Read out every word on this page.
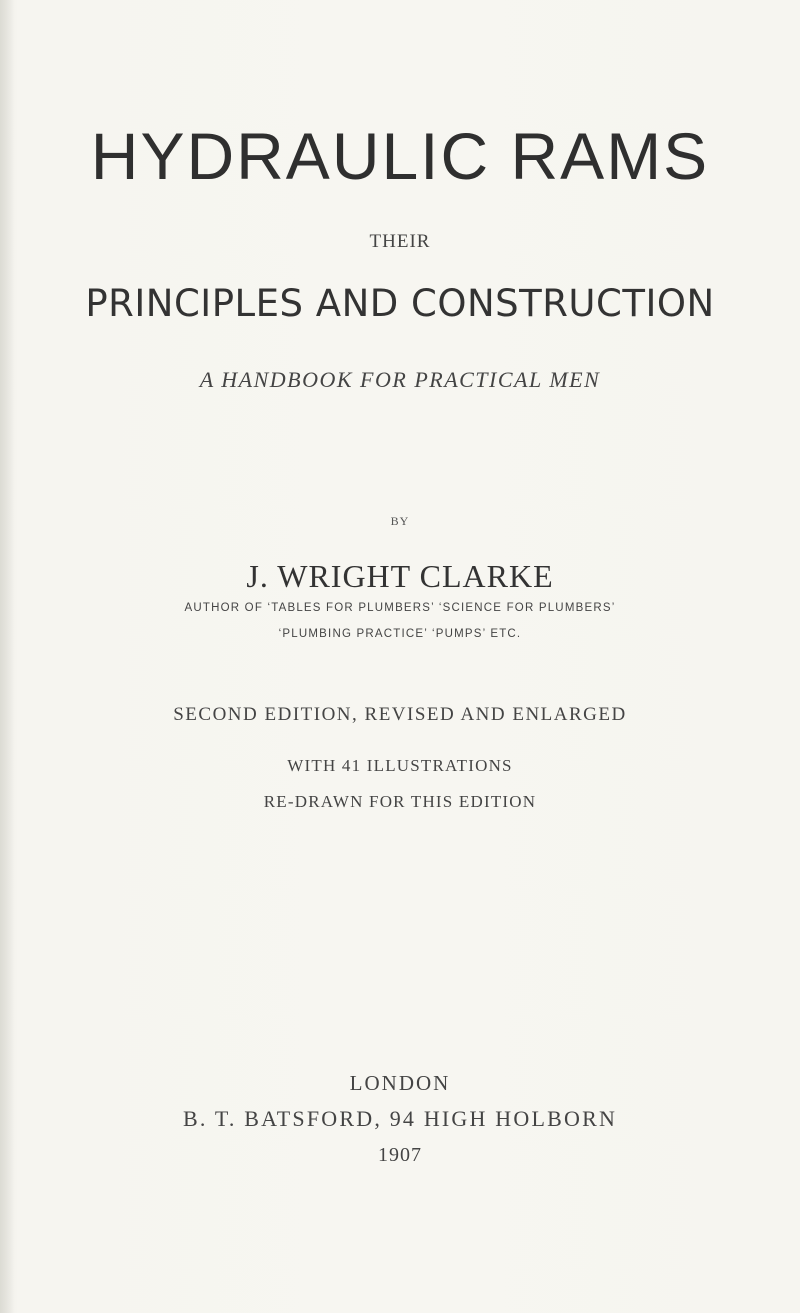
HYDRAULIC RAMS
THEIR
PRINCIPLES AND CONSTRUCTION
A HANDBOOK FOR PRACTICAL MEN
BY
J. WRIGHT CLARKE
AUTHOR OF ‘TABLES FOR PLUMBERS’ ‘SCIENCE FOR PLUMBERS’
‘PLUMBING PRACTICE’ ‘PUMPS’ ETC.
SECOND EDITION, REVISED AND ENLARGED
WITH 41 ILLUSTRATIONS
RE-DRAWN FOR THIS EDITION
LONDON
B. T. BATSFORD, 94 HIGH HOLBORN
1907
